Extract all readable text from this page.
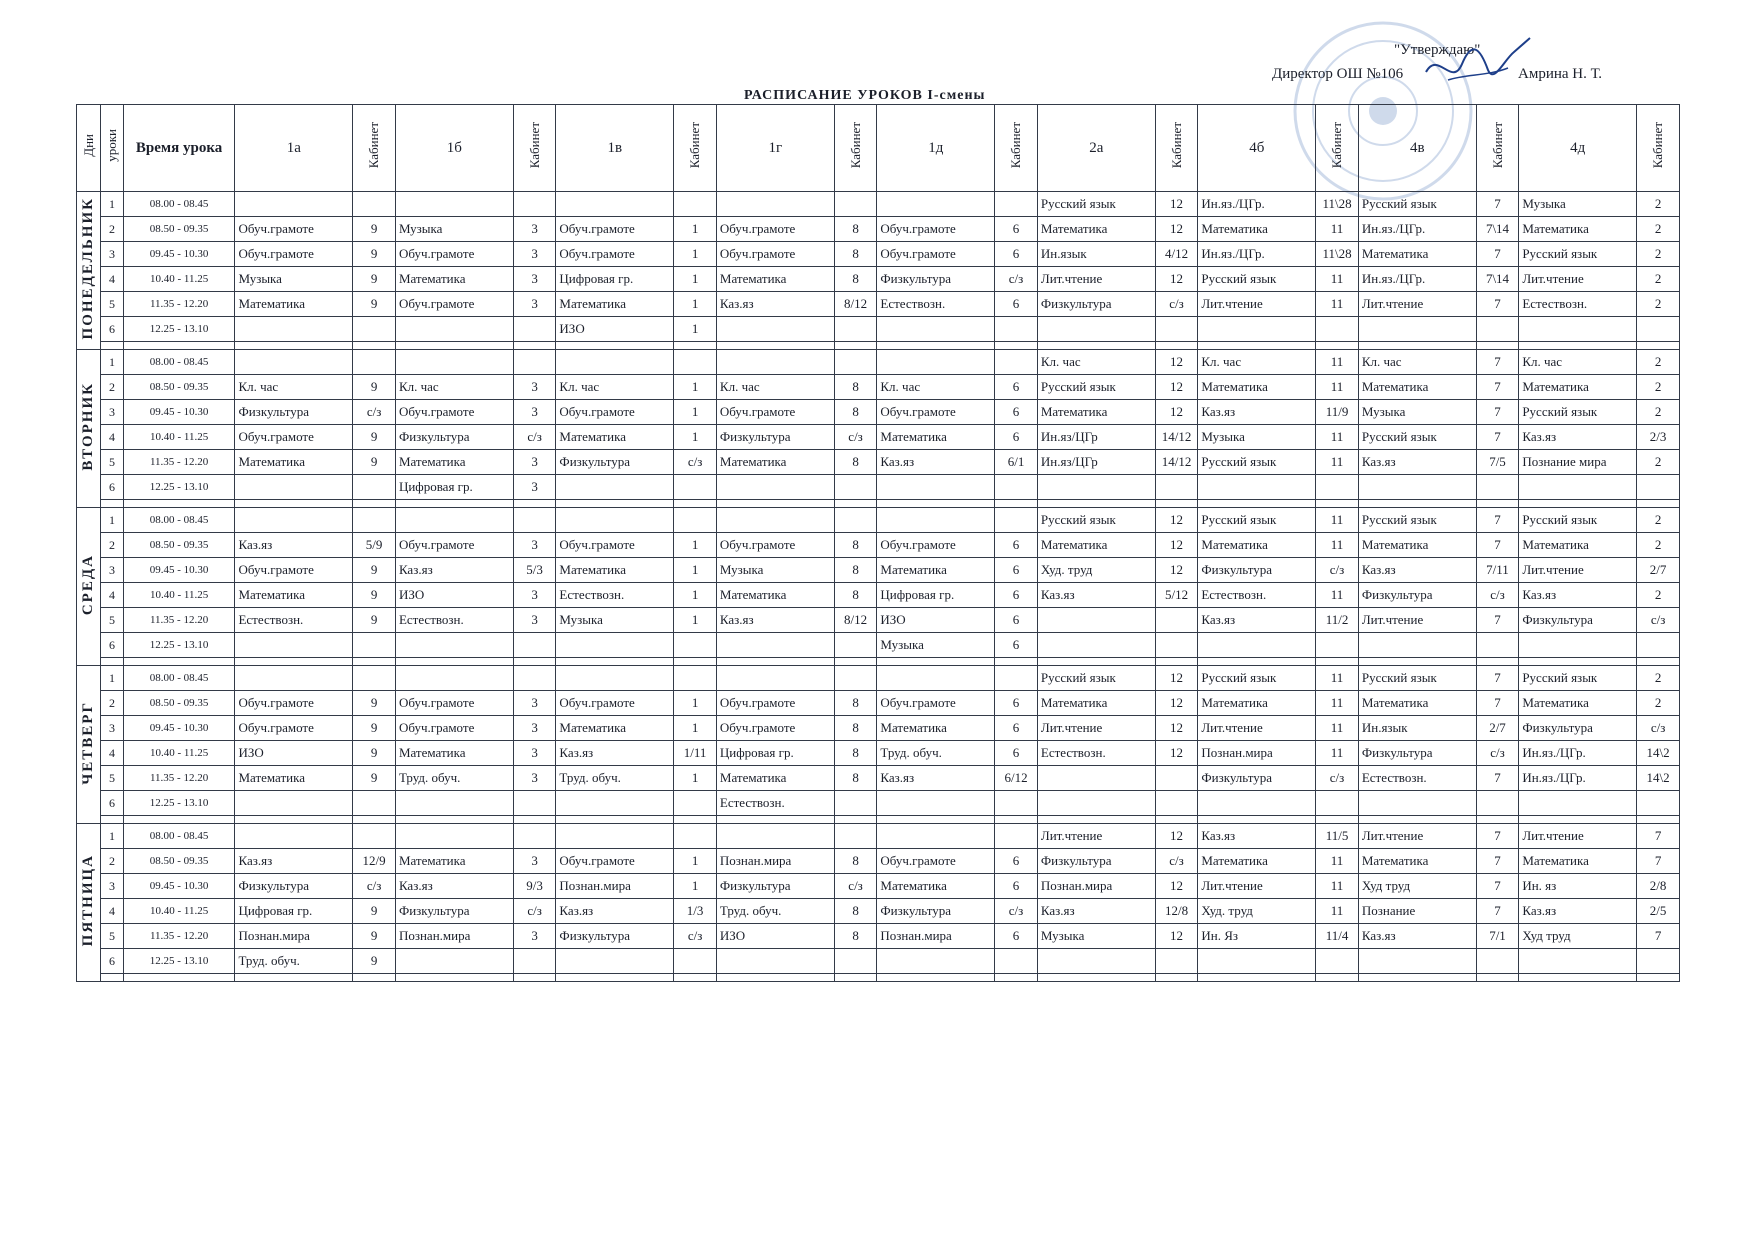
"Утверждаю"
Директор ОШ №106	Амрина Н. Т.
РАСПИСАНИЕ УРОКОВ I-смены
Дни	уроки	Время урока	1а	Кабинет	1б	Кабинет	1в	Кабинет	1г	Кабинет	1д	Кабинет	2а	Кабинет	4б	Кабинет	4в	Кабинет	4д	Кабинет
ПОНЕДЕЛЬНИК	1	08.00 - 08.45											Русский язык	12	Ин.яз./ЦГр.	11\28	Русский язык	7	Музыка	2
	2	08.50 - 09.35	Обуч.грамоте	9	Музыка	3	Обуч.грамоте	1	Обуч.грамоте	8	Обуч.грамоте	6	Математика	12	Математика	11	Ин.яз./ЦГр.	7\14	Математика	2
	3	09.45 - 10.30	Обуч.грамоте	9	Обуч.грамоте	3	Обуч.грамоте	1	Обуч.грамоте	8	Обуч.грамоте	6	Ин.язык	4/12	Ин.яз./ЦГр.	11\28	Математика	7	Русский язык	2
	4	10.40 - 11.25	Музыка	9	Математика	3	Цифровая гр.	1	Математика	8	Физкультура	с/з	Лит.чтение	12	Русский язык	11	Ин.яз./ЦГр.	7\14	Лит.чтение	2
	5	11.35 - 12.20	Математика	9	Обуч.грамоте	3	Математика	1	Каз.яз	8/12	Естествозн.	6	Физкультура	с/з	Лит.чтение	11	Лит.чтение	7	Естествозн.	2
	6	12.25 - 13.10					ИЗО	1												

ВТОРНИК	1	08.00 - 08.45											Кл. час	12	Кл. час	11	Кл. час	7	Кл. час	2
	2	08.50 - 09.35	Кл. час	9	Кл. час	3	Кл. час	1	Кл. час	8	Кл. час	6	Русский язык	12	Математика	11	Математика	7	Математика	2
	3	09.45 - 10.30	Физкультура	с/з	Обуч.грамоте	3	Обуч.грамоте	1	Обуч.грамоте	8	Обуч.грамоте	6	Математика	12	Каз.яз	11/9	Музыка	7	Русский язык	2
	4	10.40 - 11.25	Обуч.грамоте	9	Физкультура	с/з	Математика	1	Физкультура	с/з	Математика	6	Ин.яз/ЦГр	14/12	Музыка	11	Русский язык	7	Каз.яз	2/3
	5	11.35 - 12.20	Математика	9	Математика	3	Физкультура	с/з	Математика	8	Каз.яз	6/1	Ин.яз/ЦГр	14/12	Русский язык	11	Каз.яз	7/5	Познание мира	2
	6	12.25 - 13.10			Цифровая гр.	3														

СРЕДА	1	08.00 - 08.45											Русский язык	12	Русский язык	11	Русский язык	7	Русский язык	2
	2	08.50 - 09.35	Каз.яз	5/9	Обуч.грамоте	3	Обуч.грамоте	1	Обуч.грамоте	8	Обуч.грамоте	6	Математика	12	Математика	11	Математика	7	Математика	2
	3	09.45 - 10.30	Обуч.грамоте	9	Каз.яз	5/3	Математика	1	Музыка	8	Математика	6	Худ. труд	12	Физкультура	с/з	Каз.яз	7/11	Лит.чтение	2/7
	4	10.40 - 11.25	Математика	9	ИЗО	3	Естествозн.	1	Математика	8	Цифровая гр.	6	Каз.яз	5/12	Естествозн.	11	Физкультура	с/з	Каз.яз	2
	5	11.35 - 12.20	Естествозн.	9	Естествозн.	3	Музыка	1	Каз.яз	8/12	ИЗО	6			Каз.яз	11/2	Лит.чтение	7	Физкультура	с/з
	6	12.25 - 13.10									Музыка	6								

ЧЕТВЕРГ	1	08.00 - 08.45											Русский язык	12	Русский язык	11	Русский язык	7	Русский язык	2
	2	08.50 - 09.35	Обуч.грамоте	9	Обуч.грамоте	3	Обуч.грамоте	1	Обуч.грамоте	8	Обуч.грамоте	6	Математика	12	Математика	11	Математика	7	Математика	2
	3	09.45 - 10.30	Обуч.грамоте	9	Обуч.грамоте	3	Математика	1	Обуч.грамоте	8	Математика	6	Лит.чтение	12	Лит.чтение	11	Ин.язык	2/7	Физкультура	с/з
	4	10.40 - 11.25	ИЗО	9	Математика	3	Каз.яз	1/11	Цифровая гр.	8	Труд. обуч.	6	Естествозн.	12	Познан.мира	11	Физкультура	с/з	Ин.яз./ЦГр.	14\2
	5	11.35 - 12.20	Математика	9	Труд. обуч.	3	Труд. обуч.	1	Математика	8	Каз.яз	6/12			Физкультура	с/з	Естествозн.	7	Ин.яз./ЦГр.	14\2
	6	12.25 - 13.10							Естествозн.											

ПЯТНИЦА	1	08.00 - 08.45											Лит.чтение	12	Каз.яз	11/5	Лит.чтение	7	Лит.чтение	7
	2	08.50 - 09.35	Каз.яз	12/9	Математика	3	Обуч.грамоте	1	Познан.мира	8	Обуч.грамоте	6	Физкультура	с/з	Математика	11	Математика	7	Математика	7
	3	09.45 - 10.30	Физкультура	с/з	Каз.яз	9/3	Познан.мира	1	Физкультура	с/з	Математика	6	Познан.мира	12	Лит.чтение	11	Худ труд	7	Ин. яз	2/8
	4	10.40 - 11.25	Цифровая гр.	9	Физкультура	с/з	Каз.яз	1/3	Труд. обуч.	8	Физкультура	с/з	Каз.яз	12/8	Худ. труд	11	Познание	7	Каз.яз	2/5
	5	11.35 - 12.20	Познан.мира	9	Познан.мира	3	Физкультура	с/з	ИЗО	8	Познан.мира	6	Музыка	12	Ин. Яз	11/4	Каз.яз	7/1	Худ труд	7
	6	12.25 - 13.10	Труд. обуч.	9																
